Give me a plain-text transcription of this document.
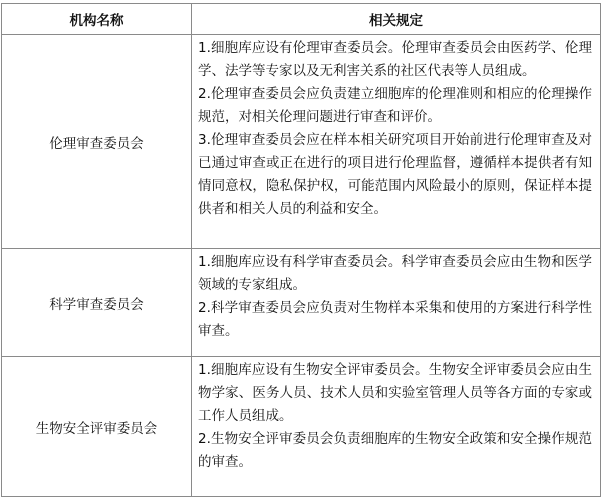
机构名称	相关规定
伦理审查委员会	1.细胞库应设有伦理审查委员会。伦理审查委员会由医药学、伦理学、法学等专家以及无利害关系的社区代表等人员组成。

2.伦理审查委员会应负责建立细胞库的伦理准则和相应的伦理操作规范，对相关伦理问题进行审查和评价。

3.伦理审查委员会应在样本相关研究项目开始前进行伦理审查及对已通过审查或正在进行的项目进行伦理监督，遵循样本提供者有知情同意权，隐私保护权，可能范围内风险最小的原则，保证样本提供者和相关人员的利益和安全。

科学审查委员会	1.细胞库应设有科学审查委员会。科学审查委员会应由生物和医学领域的专家组成。

2.科学审查委员会应负责对生物样本采集和使用的方案进行科学性审查。

生物安全评审委员会	1.细胞库应设有生物安全评审委员会。生物安全评审委员会应由生物学家、医务人员、技术人员和实验室管理人员等各方面的专家或工作人员组成。

2.生物安全评审委员会负责细胞库的生物安全政策和安全操作规范的审查。
